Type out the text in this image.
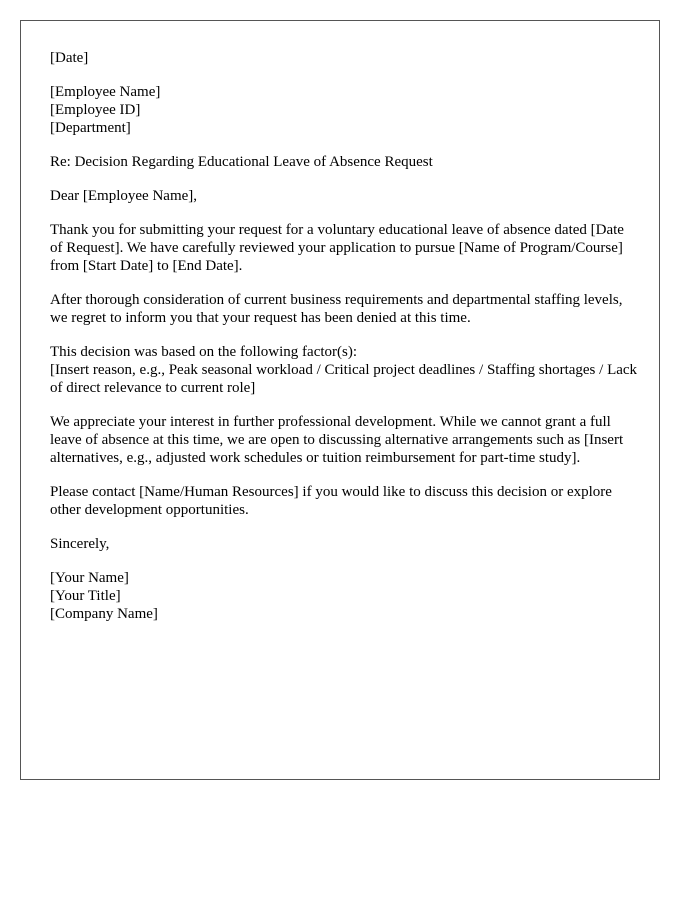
[Date]
[Employee Name]
[Employee ID]
[Department]
Re: Decision Regarding Educational Leave of Absence Request
Dear [Employee Name],

Thank you for submitting your request for a voluntary educational leave of absence dated [Date of Request]. We have carefully reviewed your application to pursue [Name of Program/Course] from [Start Date] to [End Date].

After thorough consideration of current business requirements and departmental staffing levels, we regret to inform you that your request has been denied at this time.

This decision was based on the following factor(s):
[Insert reason, e.g., Peak seasonal workload / Critical project deadlines / Staffing shortages / Lack of direct relevance to current role]

We appreciate your interest in further professional development. While we cannot grant a full leave of absence at this time, we are open to discussing alternative arrangements such as [Insert alternatives, e.g., adjusted work schedules or tuition reimbursement for part-time study].

Please contact [Name/Human Resources] if you would like to discuss this decision or explore other development opportunities.

Sincerely,
[Your Name]
[Your Title]
[Company Name]
